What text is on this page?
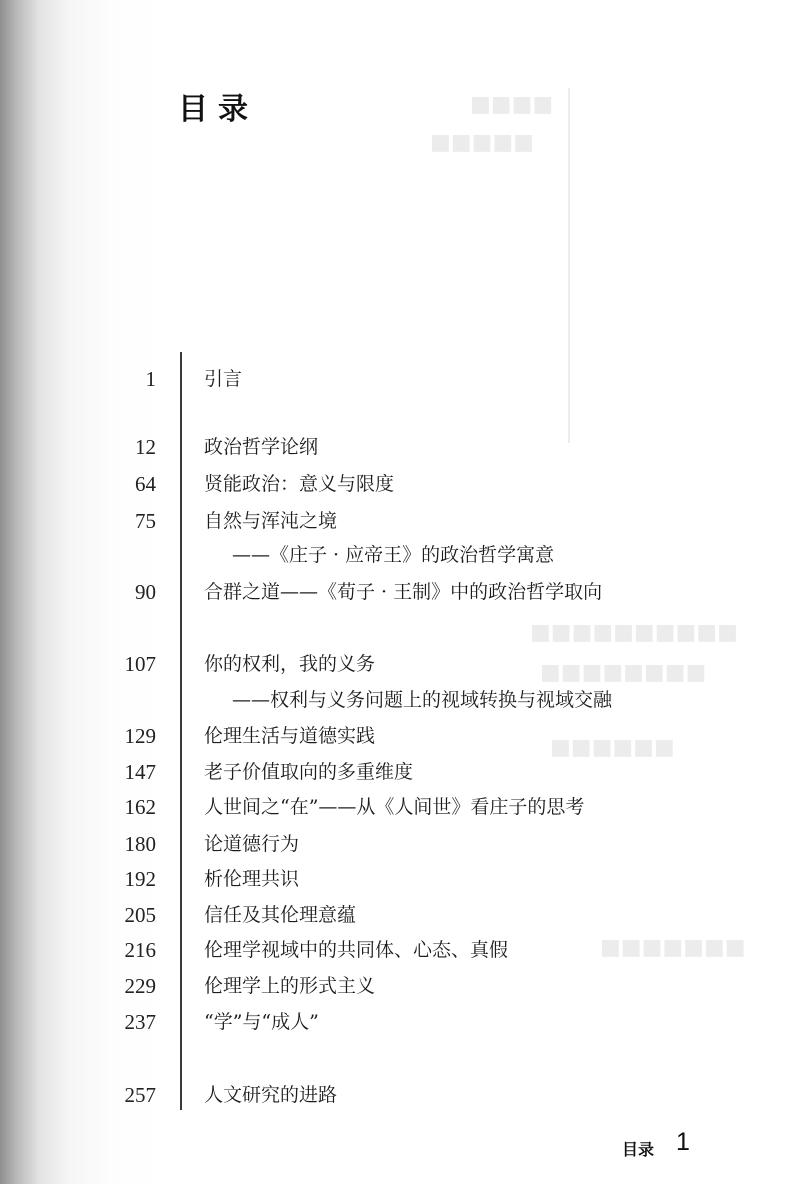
■■■■
■■■■■
■■■■■■■■■■
■■■■■■■■
■■■■■■
■■■■■■■
目录
1	引言
12	政治哲学论纲
64	贤能政治：意义与限度
75	自然与浑沌之境
——《庄子 · 应帝王》的政治哲学寓意
90	合群之道——《荀子 · 王制》中的政治哲学取向
107	你的权利，我的义务
——权利与义务问题上的视域转换与视域交融
129	伦理生活与道德实践
147	老子价值取向的多重维度
162	人世间之“在”——从《人间世》看庄子的思考
180	论道德行为
192	析伦理共识
205	信任及其伦理意蕴
216	伦理学视域中的共同体、心态、真假
229	伦理学上的形式主义
237	“学”与“成人”
257	人文研究的进路
目录 1
